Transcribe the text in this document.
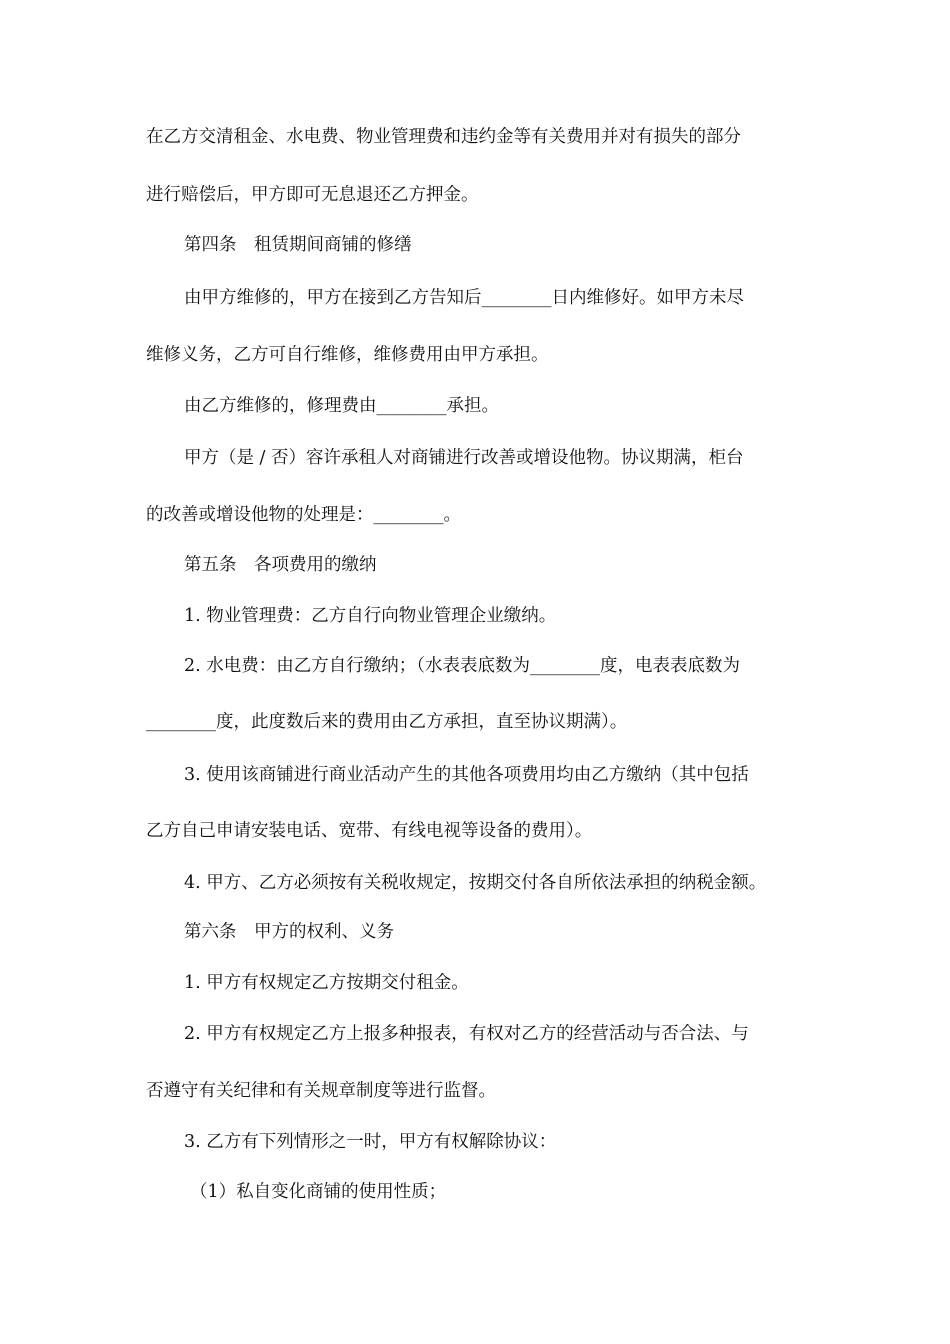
在乙方交清租金、水电费、物业管理费和违约金等有关费用并对有损失的部分

进行赔偿后，甲方即可无息退还乙方押金。

第四条　租赁期间商铺的修缮

由甲方维修的，甲方在接到乙方告知后________日内维修好。如甲方未尽

维修义务，乙方可自行维修，维修费用由甲方承担。

由乙方维修的，修理费由________承担。

甲方（是 / 否）容许承租人对商铺进行改善或增设他物。协议期满，柜台

的改善或增设他物的处理是：________。

第五条　各项费用的缴纳

1. 物业管理费：乙方自行向物业管理企业缴纳。

2. 水电费：由乙方自行缴纳；（水表表底数为________度，电表表底数为

________度，此度数后来的费用由乙方承担，直至协议期满）。

3. 使用该商铺进行商业活动产生的其他各项费用均由乙方缴纳（其中包括

乙方自己申请安装电话、宽带、有线电视等设备的费用）。

4. 甲方、乙方必须按有关税收规定，按期交付各自所依法承担的纳税金额。

第六条　甲方的权利、义务

1. 甲方有权规定乙方按期交付租金。

2. 甲方有权规定乙方上报多种报表，有权对乙方的经营活动与否合法、与

否遵守有关纪律和有关规章制度等进行监督。

3. 乙方有下列情形之一时，甲方有权解除协议：

（1）私自变化商铺的使用性质；
